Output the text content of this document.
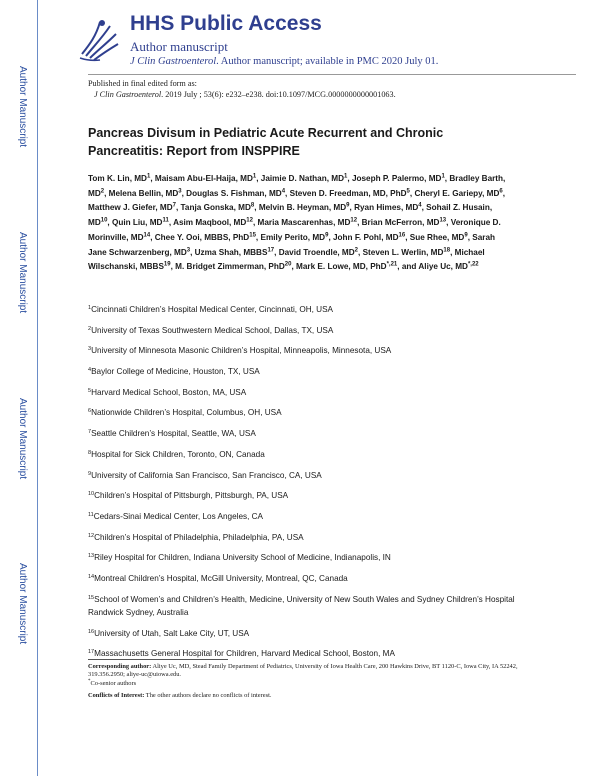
Author Manuscript
Author Manuscript
Author Manuscript
Author Manuscript
HHS Public Access
Author manuscript
J Clin Gastroenterol. Author manuscript; available in PMC 2020 July 01.
Published in final edited form as:
J Clin Gastroenterol. 2019 July ; 53(6): e232–e238. doi:10.1097/MCG.0000000000001063.
Pancreas Divisum in Pediatric Acute Recurrent and Chronic Pancreatitis: Report from INSPPIRE
Tom K. Lin, $MD^1$, Maisam Abu-El-Haija, $MD^1$, Jaimie D. Nathan, $MD^1$, Joseph P. Palermo, $MD^1$, Bradley Barth, $MD^2$, Melena Bellin, $MD^3$, Douglas S. Fishman, $MD^4$, Steven D. Freedman, MD, PhD$^5$, Cheryl E. Gariepy, $MD^6$, Matthew J. Giefer, $MD^7$, Tanja Gonska, $MD^8$, Melvin B. Heyman, $MD^9$, Ryan Himes, $MD^4$, Sohail Z. Husain, MD$^{10}$, Quin Liu, MD$^{11}$, Asim Maqbool, MD$^{12}$, Maria Mascarenhas, MD$^{12}$, Brian McFerron, MD$^{13}$, Veronique D. Morinville, MD$^{14}$, Chee Y. Ooi, MBBS, PhD$^{15}$, Emily Perito, $MD^9$, John F. Pohl, MD$^{16}$, Sue Rhee, $MD^9$, Sarah Jane Schwarzenberg, $MD^3$, Uzma Shah, MBBS$^{17}$, David Troendle, $MD^2$, Steven L. Werlin, MD$^{18}$, Michael Wilschanski, MBBS$^{19}$, M. Bridget Zimmerman, PhD$^{20}$, Mark E. Lowe, MD, PhD$^{*,21}$, and Aliye Uc, $MD^{*,22}$
$^1$Cincinnati Children’s Hospital Medical Center, Cincinnati, OH, USA
$^2$University of Texas Southwestern Medical School, Dallas, TX, USA
$^3$University of Minnesota Masonic Children’s Hospital, Minneapolis, Minnesota, USA
$^4$Baylor College of Medicine, Houston, TX, USA
$^5$Harvard Medical School, Boston, MA, USA
$^6$Nationwide Children’s Hospital, Columbus, OH, USA
$^7$Seattle Children’s Hospital, Seattle, WA, USA
$^8$Hospital for Sick Children, Toronto, ON, Canada
$^9$University of California San Francisco, San Francisco, CA, USA
$^{10}$Children’s Hospital of Pittsburgh, Pittsburgh, PA, USA
$^{11}$Cedars-Sinai Medical Center, Los Angeles, CA
$^{12}$Children’s Hospital of Philadelphia, Philadelphia, PA, USA
$^{13}$Riley Hospital for Children, Indiana University School of Medicine, Indianapolis, IN
$^{14}$Montreal Children’s Hospital, McGill University, Montreal, QC, Canada
$^{15}$School of Women’s and Children’s Health, Medicine, University of New South Wales and Sydney Children’s Hospital Randwick Sydney, Australia
$^{16}$University of Utah, Salt Lake City, UT, USA
$^{17}$Massachusetts General Hospital for Children, Harvard Medical School, Boston, MA
Corresponding author: Aliye Uc, MD, Stead Family Department of Pediatrics, University of Iowa Health Care, 200 Hawkins Drive, BT 1120-C, Iowa City, IA 52242, 319.356.2950; aliye-uc@uiowa.edu.
*Co-senior authors
Conflicts of Interest: The other authors declare no conflicts of interest.
